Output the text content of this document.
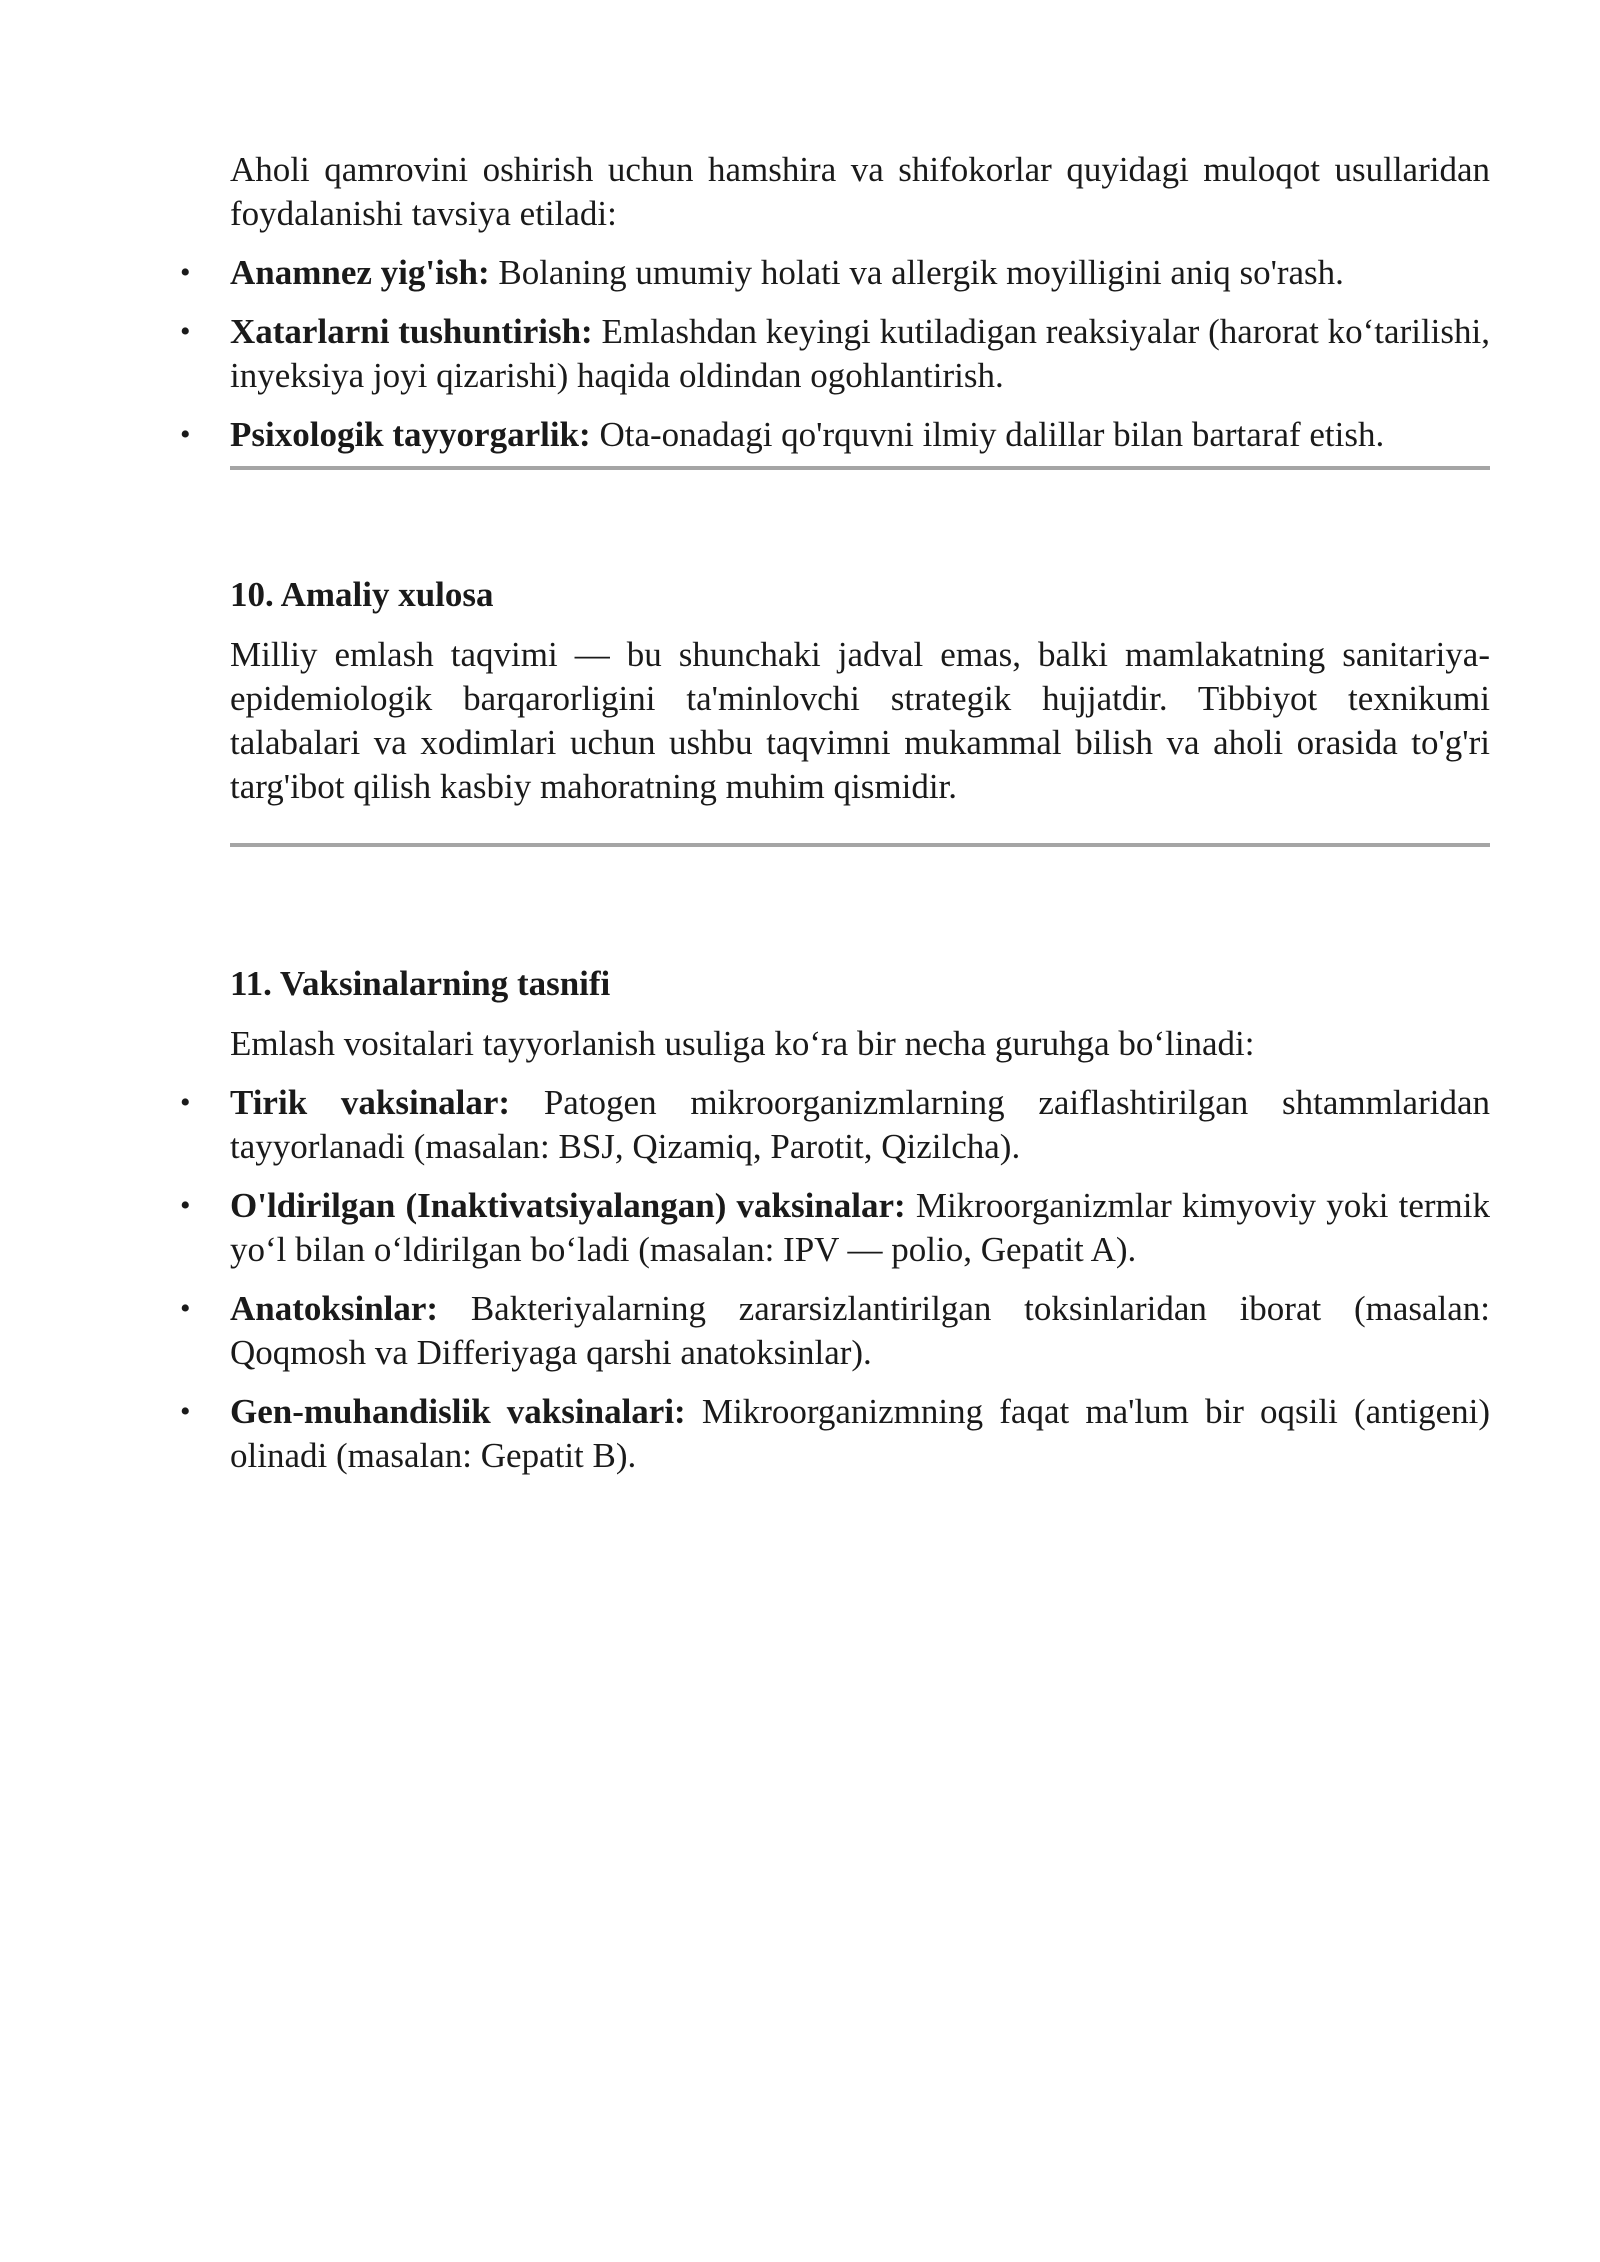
Aholi qamrovini oshirish uchun hamshira va shifokorlar quyidagi muloqot usullaridan foydalanishi tavsiya etiladi:

• Anamnez yig'ish: Bolaning umumiy holati va allergik moyilligini aniq so'rash.
• Xatarlarni tushuntirish: Emlashdan keyingi kutiladigan reaksiyalar (harorat ko‘tarilishi, inyeksiya joyi qizarishi) haqida oldindan ogohlantirish.
• Psixologik tayyorgarlik: Ota-onadagi qo'rquvni ilmiy dalillar bilan bartaraf etish.
10. Amaliy xulosa

Milliy emlash taqvimi — bu shunchaki jadval emas, balki mamlakatning sanitariya-epidemiologik barqarorligini ta'minlovchi strategik hujjatdir. Tibbiyot texnikumi talabalari va xodimlari uchun ushbu taqvimni mukammal bilish va aholi orasida to'g'ri targ'ibot qilish kasbiy mahoratning muhim qismidir.

11. Vaksinalarning tasnifi

Emlash vositalari tayyorlanish usuliga ko‘ra bir necha guruhga bo‘linadi:

• Tirik vaksinalar: Patogen mikroorganizmlarning zaiflashtirilgan shtammlaridan tayyorlanadi (masalan: BSJ, Qizamiq, Parotit, Qizilcha).
• O'ldirilgan (Inaktivatsiyalangan) vaksinalar: Mikroorganizmlar kimyoviy yoki termik yo‘l bilan o‘ldirilgan bo‘ladi (masalan: IPV — polio, Gepatit A).
• Anatoksinlar: Bakteriyalarning zararsizlantirilgan toksinlaridan iborat (masalan: Qoqmosh va Differiyaga qarshi anatoksinlar).
• Gen-muhandislik vaksinalari: Mikroorganizmning faqat ma'lum bir oqsili (antigeni) olinadi (masalan: Gepatit B).
